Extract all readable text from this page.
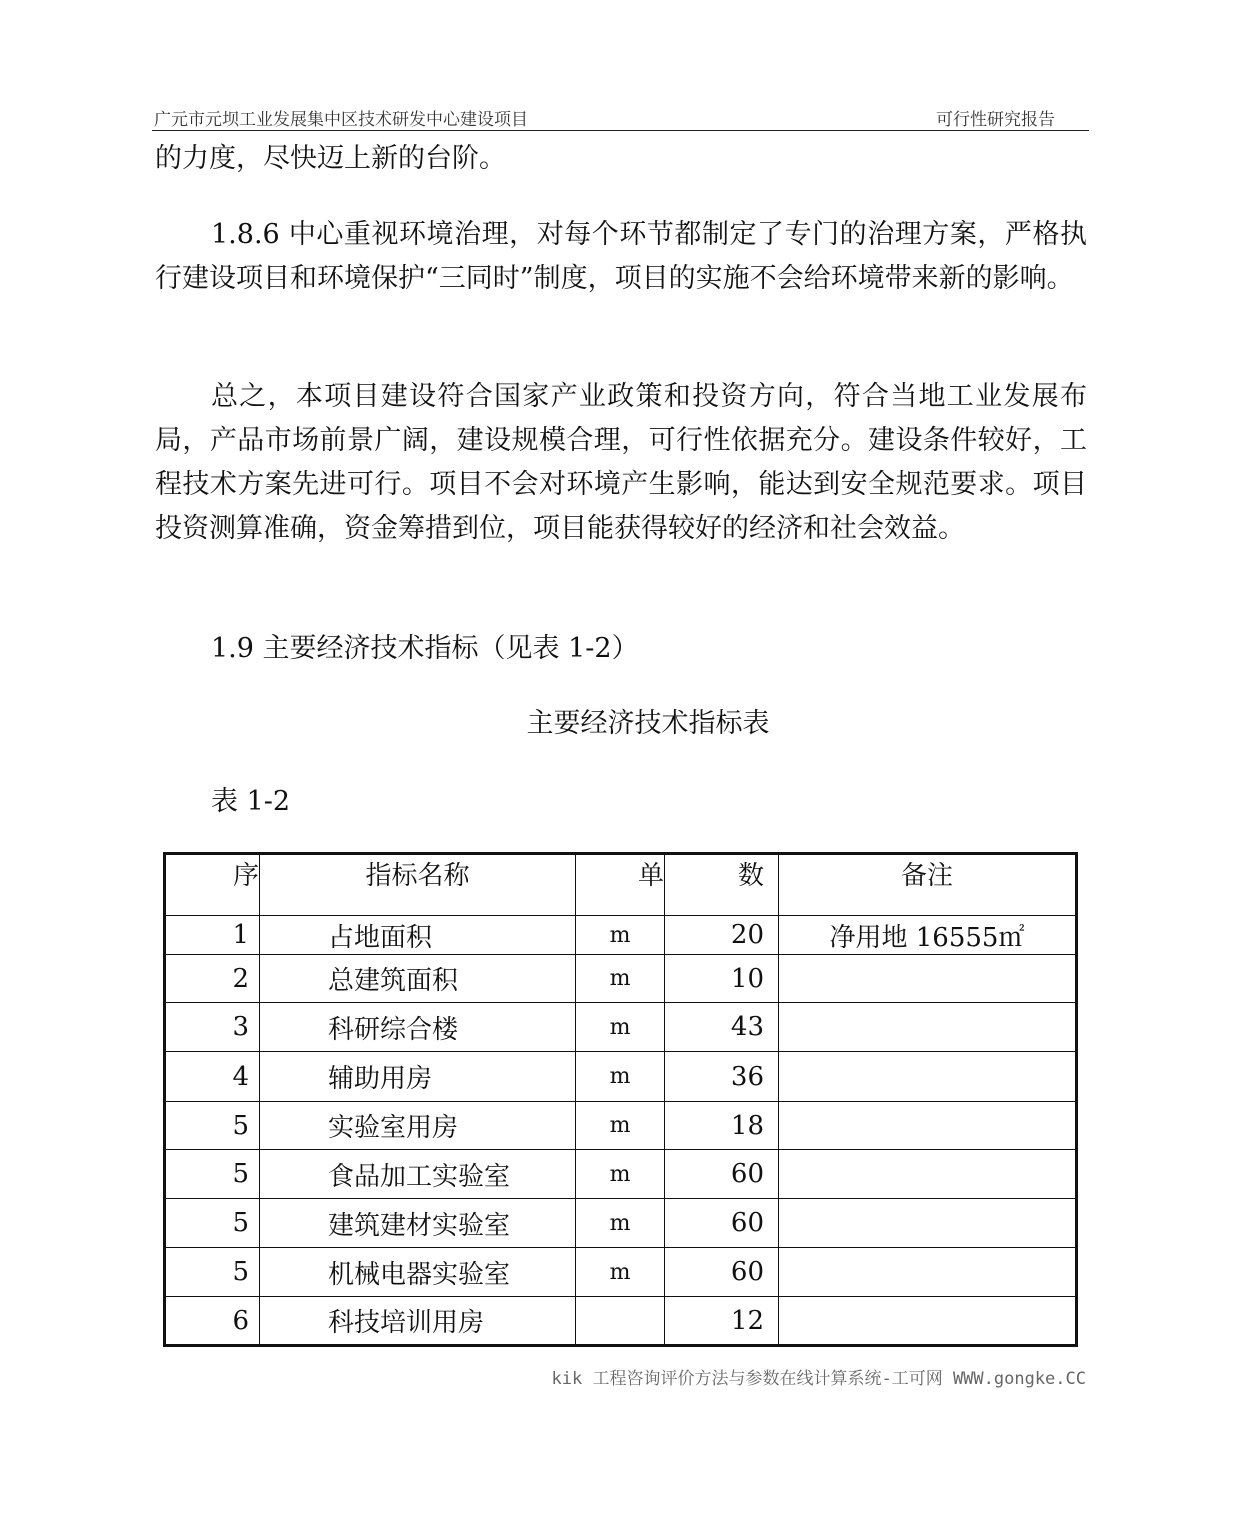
广元市元坝工业发展集中区技术研发中心建设项目	可行性研究报告

的力度，尽快迈上新的台阶。

1.8.6 中心重视环境治理，对每个环节都制定了专门的治理方案，严格执行建设项目和环境保护“三同时”制度，项目的实施不会给环境带来新的影响。

总之，本项目建设符合国家产业政策和投资方向，符合当地工业发展布局，产品市场前景广阔，建设规模合理，可行性依据充分。建设条件较好，工程技术方案先进可行。项目不会对环境产生影响，能达到安全规范要求。项目投资测算准确，资金筹措到位，项目能获得较好的经济和社会效益。

1.9 主要经济技术指标（见表 1-2）

主要经济技术指标表

表 1-2

序	指标名称	单	数	备注
1	占地面积	m	20	净用地 16555㎡
2	总建筑面积	m	10	
3	科研综合楼	m	43	
4	辅助用房	m	36	
5	实验室用房	m	18	
5	食品加工实验室	m	60	
5	建筑建材实验室	m	60	
5	机械电器实验室	m	60	
6	科技培训用房		12	
kik 工程咨询评价方法与参数在线计算系统-工可网 WWW.gongke.CC
